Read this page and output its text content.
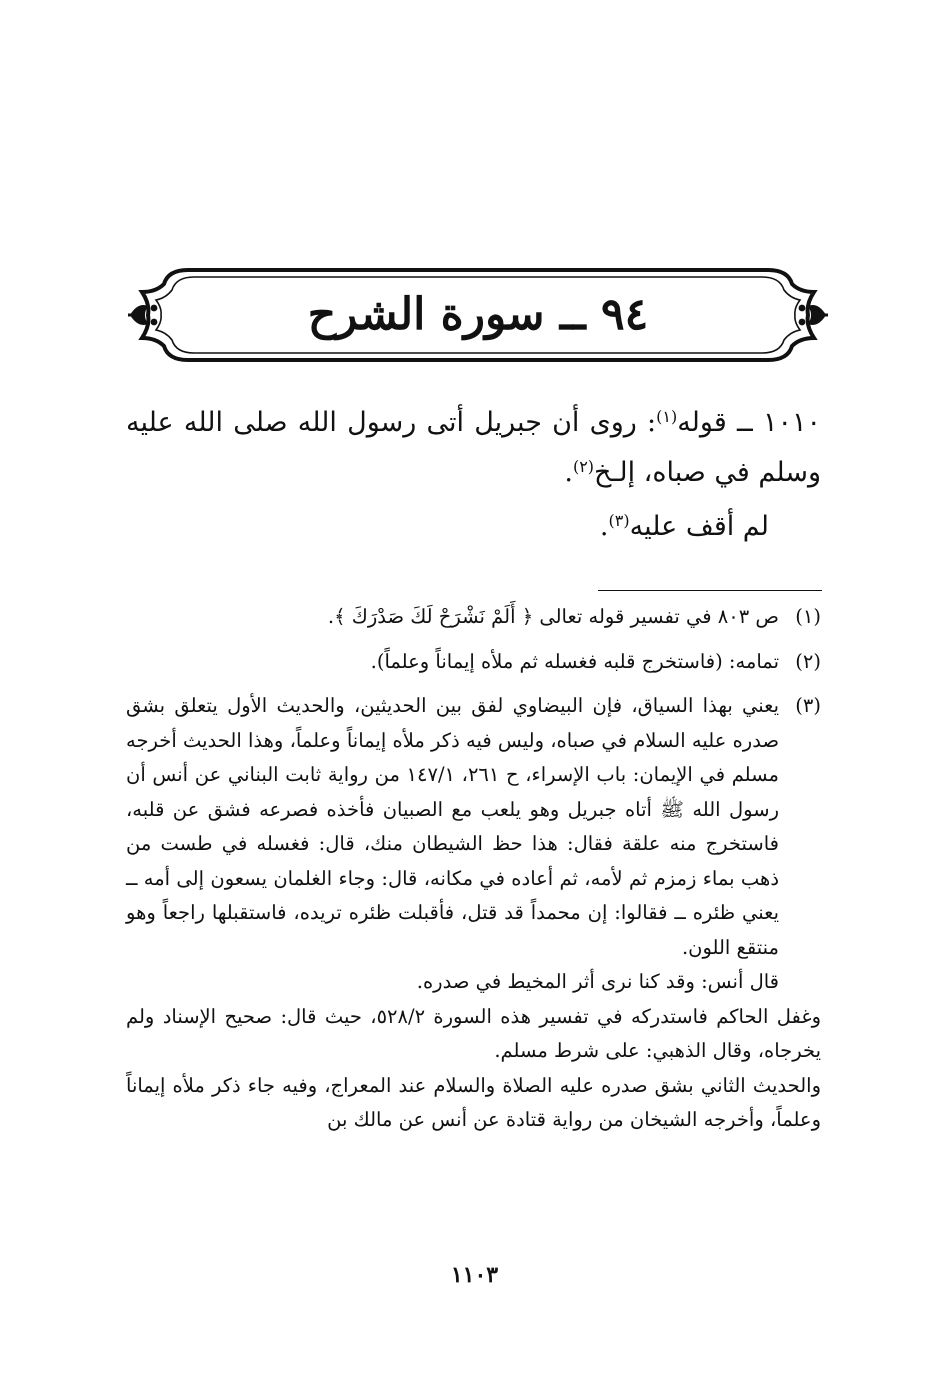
٩٤ ــ سورة الشرح

١٠١٠ ــ قوله$^{(١)}$: روى أن جبريل أتى رسول الله صلى الله عليه وسلم في صباه، إلـخ$^{(٢)}$.

لم أقف عليه$^{(٣)}$.

(١)
ص ٨٠٣ في تفسير قوله تعالى ﴿ أَلَمْ نَشْرَحْ لَكَ صَدْرَكَ ﴾.
(٢)
تمامه: (فاستخرج قلبه فغسله ثم ملأه إيماناً وعلماً).
(٣)
يعني بهذا السياق، فإن البيضاوي لفق بين الحديثين، والحديث الأول يتعلق بشق صدره عليه السلام في صباه، وليس فيه ذكر ملأه إيماناً وعلماً، وهذا الحديث أخرجه مسلم في الإيمان: باب الإسراء، ح ٢٦١، ١٤٧/١ من رواية ثابت البناني عن أنس أن رسول الله ﷺ أتاه جبريل وهو يلعب مع الصبيان فأخذه فصرعه فشق عن قلبه، فاستخرج منه علقة فقال: هذا حظ الشيطان منك، قال: فغسله في طست من ذهب بماء زمزم ثم لأمه، ثم أعاده في مكانه، قال: وجاء الغلمان يسعون إلى أمه ــ يعني ظئره ــ فقالوا: إن محمداً قد قتل، فأقبلت ظئره تريده، فاستقبلها راجعاً وهو منتقع اللون.
قال أنس: وقد كنا نرى أثر المخيط في صدره.
وغفل الحاكم فاستدركه في تفسير هذه السورة ٥٢٨/٢، حيث قال: صحيح الإسناد ولم يخرجاه، وقال الذهبي: على شرط مسلم.
والحديث الثاني بشق صدره عليه الصلاة والسلام عند المعراج، وفيه جاء ذكر ملأه إيماناً وعلماً، وأخرجه الشيخان من رواية قتادة عن أنس عن مالك بن
١١٠٣
